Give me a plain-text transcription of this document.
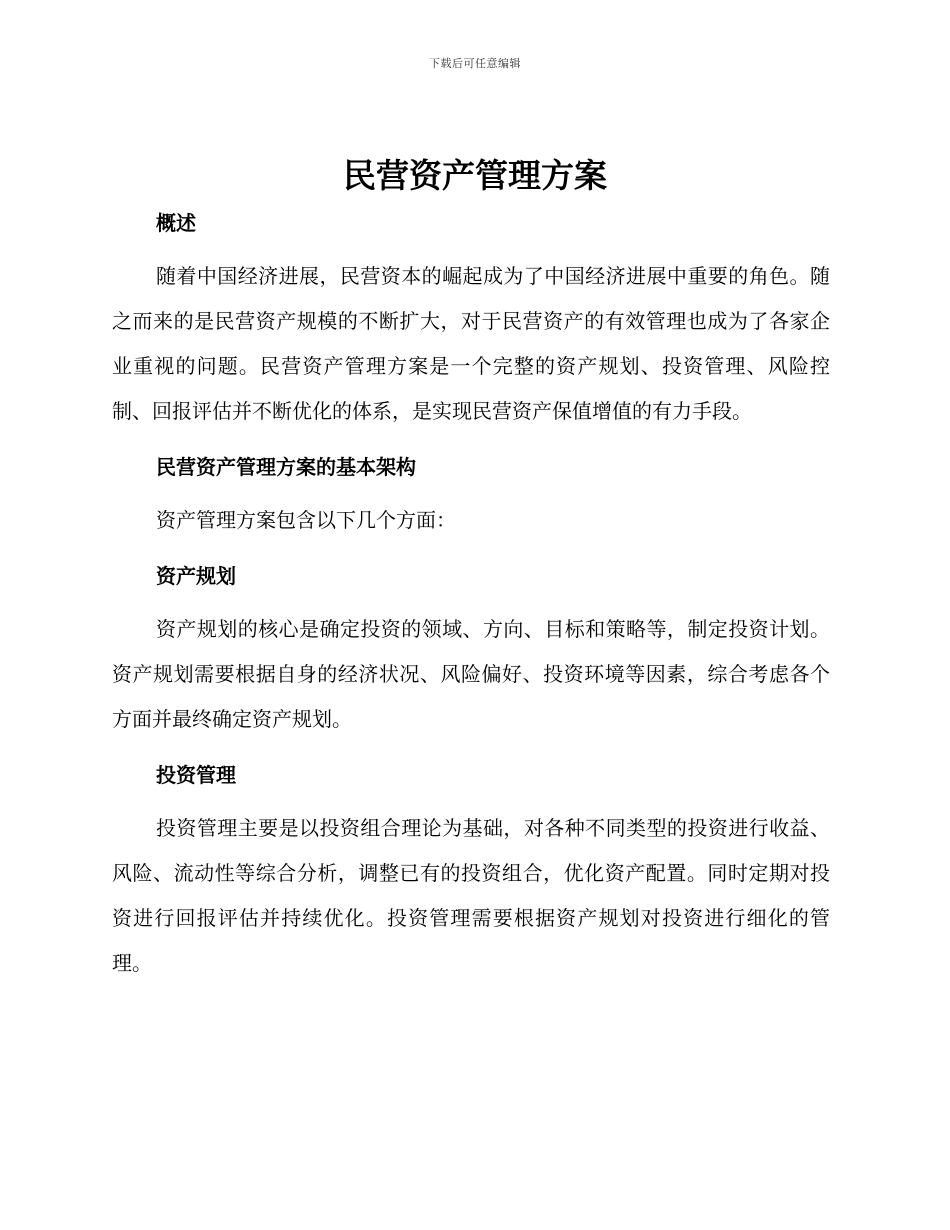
下载后可任意编辑
民营资产管理方案
概述

随着中国经济进展，民营资本的崛起成为了中国经济进展中重要的角色。随之而来的是民营资产规模的不断扩大，对于民营资产的有效管理也成为了各家企业重视的问题。民营资产管理方案是一个完整的资产规划、投资管理、风险控制、回报评估并不断优化的体系，是实现民营资产保值增值的有力手段。

民营资产管理方案的基本架构

资产管理方案包含以下几个方面：

资产规划

资产规划的核心是确定投资的领域、方向、目标和策略等，制定投资计划。资产规划需要根据自身的经济状况、风险偏好、投资环境等因素，综合考虑各个方面并最终确定资产规划。

投资管理

投资管理主要是以投资组合理论为基础，对各种不同类型的投资进行收益、风险、流动性等综合分析，调整已有的投资组合，优化资产配置。同时定期对投资进行回报评估并持续优化。投资管理需要根据资产规划对投资进行细化的管理。
